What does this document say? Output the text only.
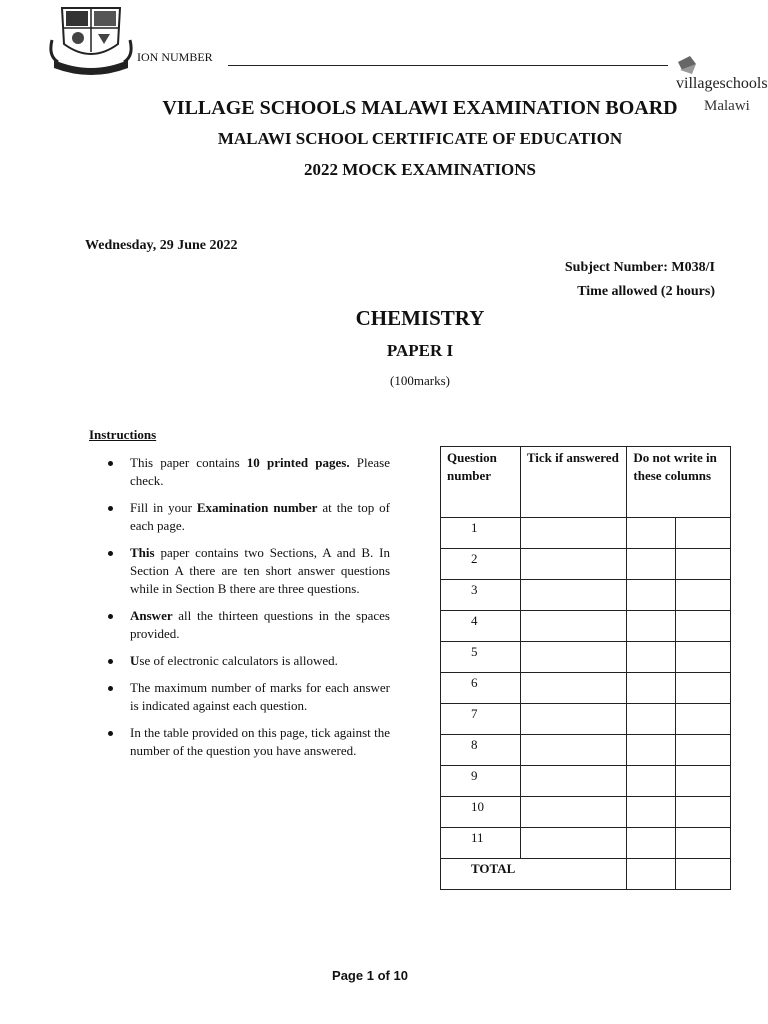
ION NUMBER
villageschools
Malawi
VILLAGE SCHOOLS MALAWI EXAMINATION BOARD
MALAWI SCHOOL CERTIFICATE OF EDUCATION
2022 MOCK EXAMINATIONS
Wednesday, 29 June 2022
Subject Number: M038/I
Time allowed (2 hours)
CHEMISTRY
PAPER I
(100marks)
Instructions
This paper contains 10 printed pages. Please check.
Fill in your Examination number at the top of each page.
This paper contains two Sections, A and B. In Section A there are ten short answer questions while in Section B there are three questions.
Answer all the thirteen questions in the spaces provided.
Use of electronic calculators is allowed.
The maximum number of marks for each answer is indicated against each question.
In the table provided on this page, tick against the number of the question you have answered.
Question number	Tick if answered	Do not write in these columns	
1			
2			
3			
4			
5			
6			
7			
8			
9			
10			
11			
TOTAL			
Page 1 of 10
